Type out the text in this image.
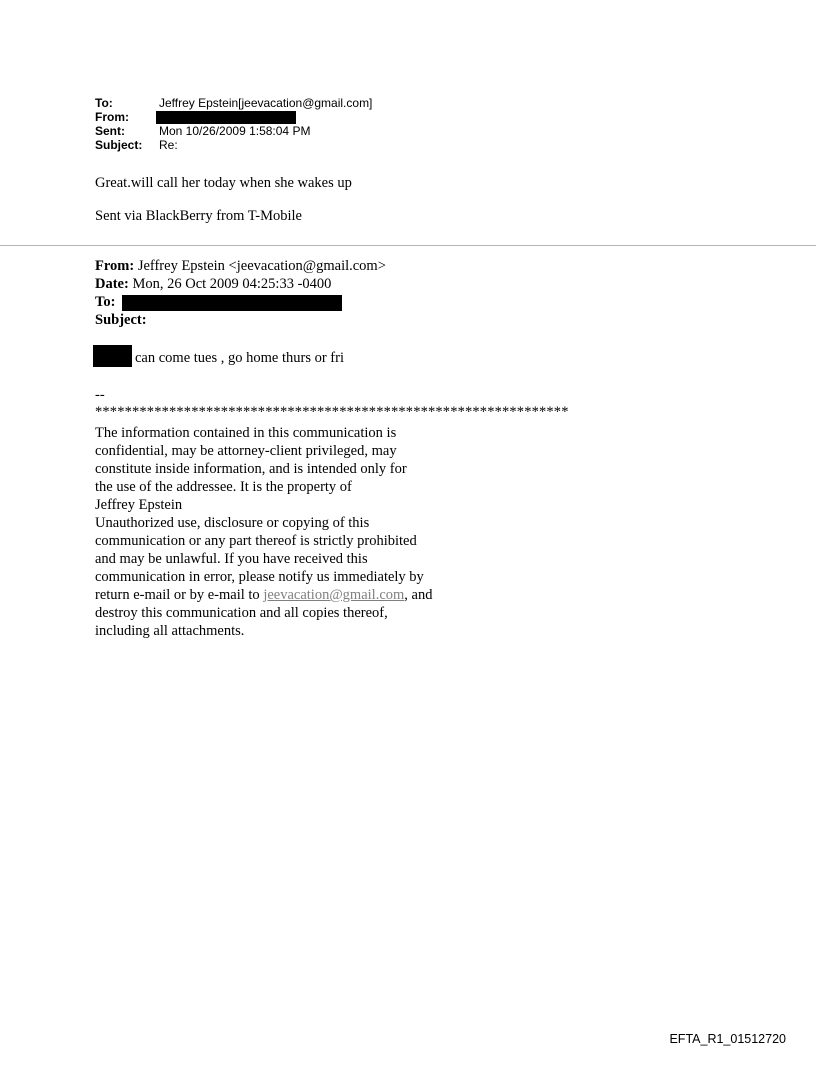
To:	Jeffrey Epstein[jeevacation@gmail.com]
From:
Sent:	Mon 10/26/2009 1:58:04 PM
Subject: Re:
Great.will call her today when she wakes up
Sent via BlackBerry from T-Mobile
From: Jeffrey Epstein <jeevacation@gmail.com>
Date: Mon, 26 Oct 2009 04:25:33 -0400
To:
Subject:
can come tues , go home thurs or fri
--
****************************************************************
The information contained in this communication is
confidential, may be attorney-client privileged, may
constitute inside information, and is intended only for
the use of the addressee. It is the property of
Jeffrey Epstein
Unauthorized use, disclosure or copying of this
communication or any part thereof is strictly prohibited
and may be unlawful. If you have received this
communication in error, please notify us immediately by
return e-mail or by e-mail to jeevacation@gmail.com, and
destroy this communication and all copies thereof,
including all attachments.
EFTA_R1_01512720
